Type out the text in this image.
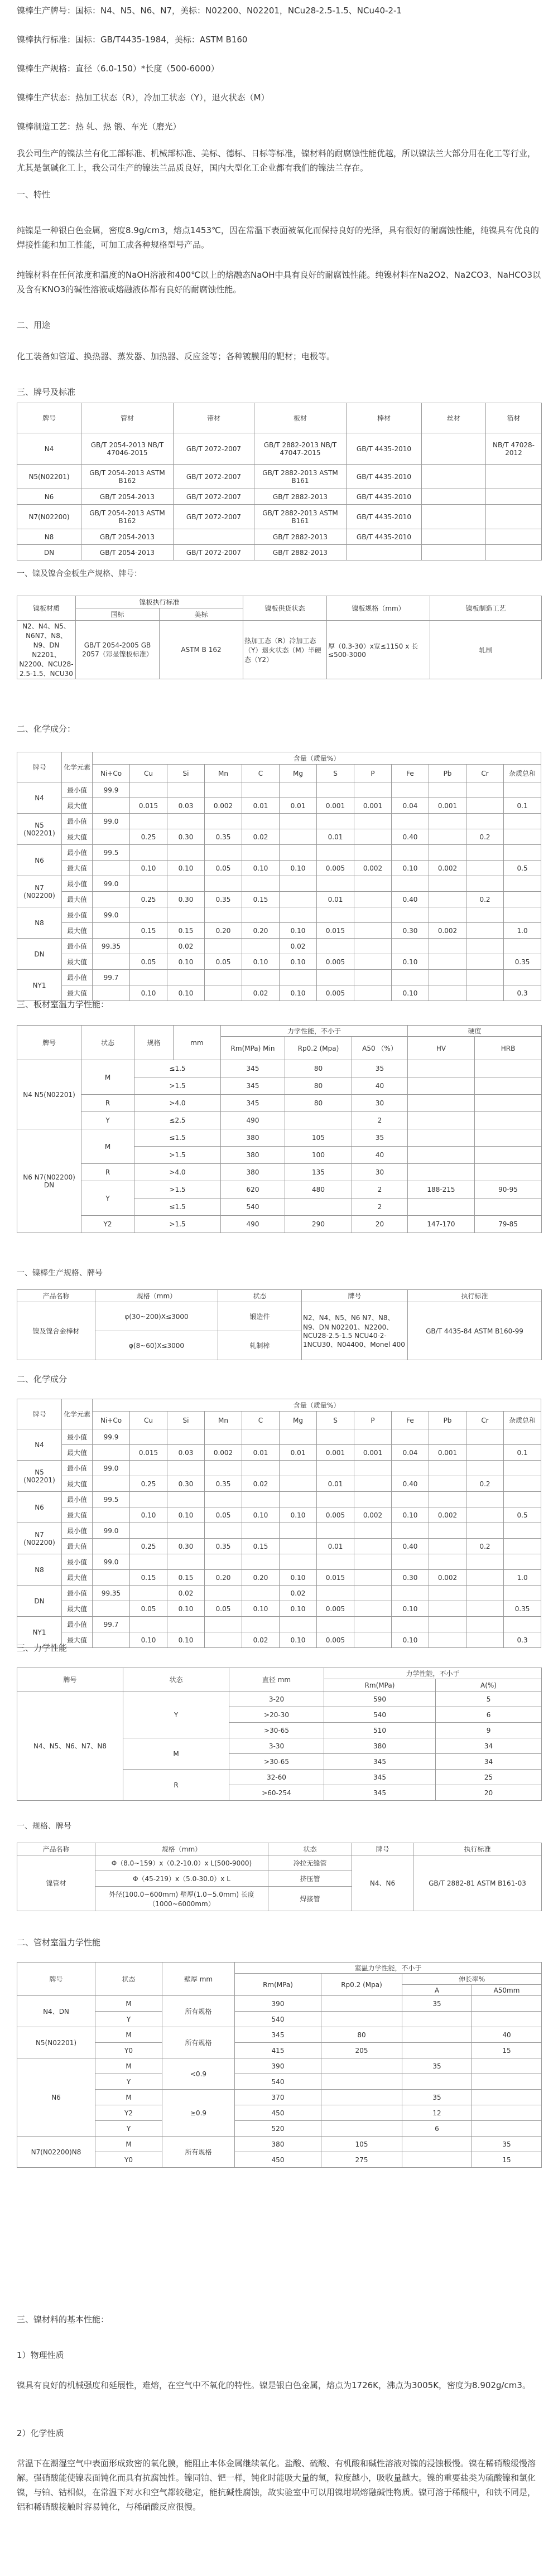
镍棒生产牌号：国标：N4、N5、N6、N7，美标：N02200、N02201，NCu28-2.5-1.5、NCu40-2-1
镍棒执行标准：国标：GB/T4435-1984，美标：ASTM B160
镍棒生产规格：直径（6.0-150）*长度（500-6000）
镍棒生产状态：热加工状态（R），冷加工状态（Y），退火状态（M）
镍棒制造工艺：热 轧、热 锻、车光（磨光）
我公司生产的镍法兰有化工部标准、机械部标准、美标、德标、日标等标准，镍材料的耐腐蚀性能优越，所以镍法兰大部分用在化工等行业，尤其是氯碱化工上，我公司生产的镍法兰品质良好，国内大型化工企业都有我们的镍法兰存在。
一、特性
纯镍是一种银白色金属，密度8.9g/cm3，熔点1453℃，因在常温下表面被氧化而保持良好的光泽，具有很好的耐腐蚀性能，纯镍具有优良的焊接性能和加工性能，可加工成各种规格型号产品。
纯镍材料在任何浓度和温度的NaOH溶液和400℃以上的熔融态NaOH中具有良好的耐腐蚀性能。纯镍材料在Na2O2、Na2CO3、NaHCO3以及含有KNO3的碱性溶液或熔融液体都有良好的耐腐蚀性能。
二、用途
化工装备如管道、换热器、蒸发器、加热器、反应釜等；各种镀膜用的靶材；电极等。
三、牌号及标准
牌号	管材	带材	板材	棒材	丝材	箔材
N4	GB/T 2054-2013 NB/T 47046-2015	GB/T 2072-2007	GB/T 2882-2013 NB/T 47047-2015	GB/T 4435-2010		NB/T 47028-2012
N5(N02201)	GB/T 2054-2013 ASTM B162	GB/T 2072-2007	GB/T 2882-2013 ASTM B161	GB/T 4435-2010		
N6	GB/T 2054-2013	GB/T 2072-2007	GB/T 2882-2013	GB/T 4435-2010		
N7(N02200)	GB/T 2054-2013 ASTM B162	GB/T 2072-2007	GB/T 2882-2013 ASTM B161	GB/T 4435-2010		
N8	GB/T 2054-2013		GB/T 2882-2013	GB/T 4435-2010		
DN	GB/T 2054-2013	GB/T 2072-2007	GB/T 2882-2013			
一、镍及镍合金板生产规格、牌号：
镍板材质	镍板执行标准		镍板供货状态	镍板规格（mm）	镍板制造工艺
	国标	美标			
N2、N4、N5、N6N7、N8、N9、DN N2201、N2200、NCU28-2.5-1.5、NCU30	GB/T 2054-2005 GB 2057（彩显镍板标准）	ASTM B 162	热加工态（R）冷加工态（Y）退火状态（M）半硬态（Y2）	厚（0.3-30）x宽≤1150 x 长≤500-3000	轧制
二、化学成分：
牌号	化学元素	含量（质量%）											
		Ni+Co	Cu	Si	Mn	C	Mg	S	P	Fe	Pb	Cr	杂质总和
N4	最小值	99.9											
	最大值		0.015	0.03	0.002	0.01	0.01	0.001	0.001	0.04	0.001		0.1
N5 (N02201)	最小值	99.0											
	最大值		0.25	0.30	0.35	0.02		0.01		0.40		0.2	
N6	最小值	99.5											
	最大值		0.10	0.10	0.05	0.10	0.10	0.005	0.002	0.10	0.002		0.5
N7 (N02200)	最小值	99.0											
	最大值		0.25	0.30	0.35	0.15		0.01		0.40		0.2	
N8	最小值	99.0											
	最大值		0.15	0.15	0.20	0.20	0.10	0.015		0.30	0.002		1.0
DN	最小值	99.35		0.02			0.02						
	最大值		0.05	0.10	0.05	0.10	0.10	0.005		0.10			0.35
NY1	最小值	99.7											
	最大值		0.10	0.10		0.02	0.10	0.005		0.10			0.3
三、板材室温力学性能：
牌号	状态	规格	mm	力学性能，不小于			硬度	
				Rm(MPa) Min	Rp0.2 (Mpa)	A50 （%）	HV	HRB
N4 N5(N02201)	M	≤1.5		345	80	35		
		>1.5		345	80	40		
	R	>4.0		345	80	30		
	Y	≤2.5		490		2		
N6 N7(N02200) DN	M	≤1.5		380	105	35		
		>1.5		380	100	40		
	R	>4.0		380	135	30		
	Y	>1.5		620	480	2	188-215	90-95
		≤1.5		540		2		
	Y2	>1.5		490	290	20	147-170	79-85
一、镍棒生产规格、牌号
产品名称	规格（mm）	状态	牌号	执行标准
镍及镍合金棒材	φ(30~200)X≤3000	锻造件	N2、N4、N5、N6 N7、N8、N9、DN N02201、N2200、NCU28-2.5-1.5 NCU40-2-1NCU30、N04400、Monel 400	GB/T 4435-84 ASTM B160-99
	φ(8~60)X≤3000	轧制棒		
二、化学成分
牌号	化学元素	含量（质量%）											
		Ni+Co	Cu	Si	Mn	C	Mg	S	P	Fe	Pb	Cr	杂质总和
N4	最小值	99.9											
	最大值		0.015	0.03	0.002	0.01	0.01	0.001	0.001	0.04	0.001		0.1
N5 (N02201)	最小值	99.0											
	最大值		0.25	0.30	0.35	0.02		0.01		0.40		0.2	
N6	最小值	99.5											
	最大值		0.10	0.10	0.05	0.10	0.10	0.005	0.002	0.10	0.002		0.5
N7 (N02200)	最小值	99.0											
	最大值		0.25	0.30	0.35	0.15		0.01		0.40		0.2	
N8	最小值	99.0											
	最大值		0.15	0.15	0.20	0.20	0.10	0.015		0.30	0.002		1.0
DN	最小值	99.35		0.02			0.02						
	最大值		0.05	0.10	0.05	0.10	0.10	0.005		0.10			0.35
NY1	最小值	99.7											
	最大值		0.10	0.10		0.02	0.10	0.005		0.10			0.3
三、力学性能
牌号	状态	直径 mm	力学性能，不小于	
			Rm(MPa)	A(%)
N4、N5、N6、N7、N8	Y	3-20	590	5
		>20-30	540	6
		>30-65	510	9
	M	3-30	380	34
		>30-65	345	34
	R	32-60	345	25
		>60-254	345	20
一、规格、牌号
产品名称	规格（mm）	状态	牌号	执行标准
镍管材	Φ（8.0~159）x（0.2-10.0）x L(500-9000)	冷拉无缝管	N4、N6	GB/T 2882-81 ASTM B161-03
	Φ（45-219）x（5.0-30.0）x L	挤压管		
	外径(100.0~600mm) 壁厚(1.0~5.0mm) 长度（1000~6000mm）	焊接管		
二、管材室温力学性能
牌号	状态	壁厚 mm	室温力学性能，不小于			
			Rm(MPa)	Rp0.2 (Mpa)	伸长率%	
					A	A50mm
N4、DN	M	所有规格	390		35	
	Y		540			
N5(N02201)	M	所有规格	345	80		40
	Y0		415	205		15
N6	M	<0.9	390		35	
	Y		540			
	M	≥0.9	370		35	
	Y2		450		12	
	Y		520		6	
N7(N02200)N8	M	所有规格	380	105		35
	Y0		450	275		15
三、镍材料的基本性能：
1）物理性质
镍具有良好的机械强度和延展性，难熔，在空气中不氧化的特性。镍是银白色金属，熔点为1726K，沸点为3005K，密度为8.902g/cm3。
2）化学性质
常温下在潮湿空气中表面形成致密的氧化膜，能阻止本体金属继续氧化。盐酸、硫酸、有机酸和碱性溶液对镍的浸蚀极慢。镍在稀硝酸缓慢溶解。强硝酸能使镍表面钝化而具有抗腐蚀性。镍同铂、钯一样，钝化时能吸大量的氢，粒度越小，吸收量越大。镍的重要盐类为硫酸镍和氯化镍，与铂、钴相似，在常温下对水和空气都较稳定，能抗碱性腐蚀，故实验室中可以用镍坩埚熔融碱性物质。镍可溶于稀酸中，和铁不同是，铝和稀硝酸接触时容易钝化，与稀硝酸反应很慢。
